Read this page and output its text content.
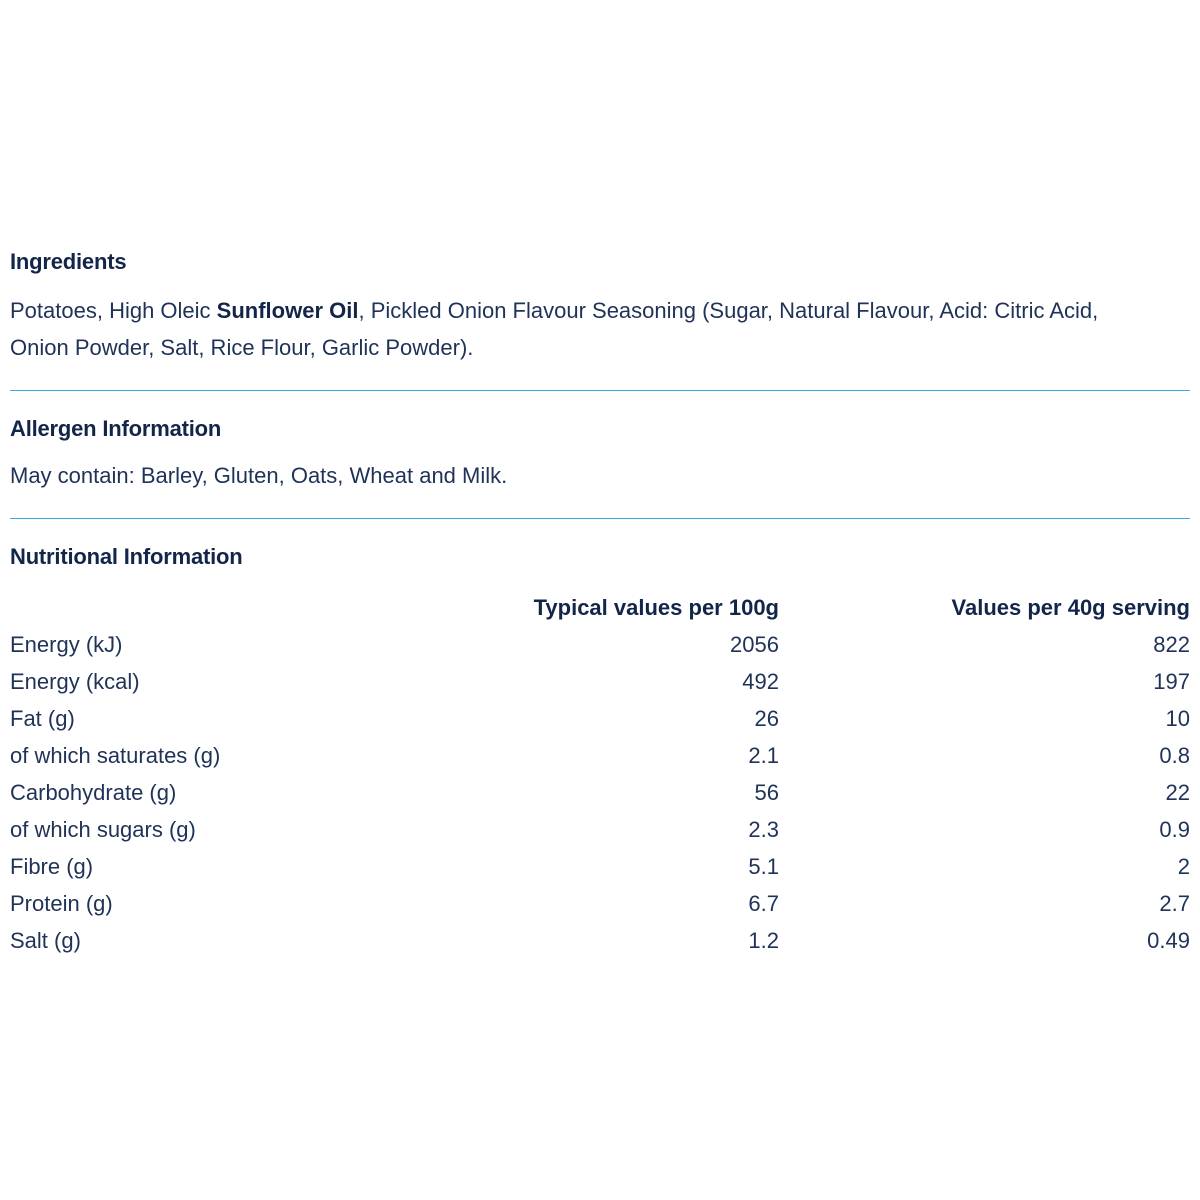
Ingredients

Potatoes, High Oleic Sunflower Oil, Pickled Onion Flavour Seasoning (Sugar, Natural Flavour, Acid: Citric Acid,
Onion Powder, Salt, Rice Flour, Garlic Powder).

Allergen Information

May contain: Barley, Gluten, Oats, Wheat and Milk.

Nutritional Information
	Typical values per 100g	Values per 40g serving
Energy (kJ)	2056	822
Energy (kcal)	492	197
Fat (g)	26	10
of which saturates (g)	2.1	0.8
Carbohydrate (g)	56	22
of which sugars (g)	2.3	0.9
Fibre (g)	5.1	2
Protein (g)	6.7	2.7
Salt (g)	1.2	0.49
